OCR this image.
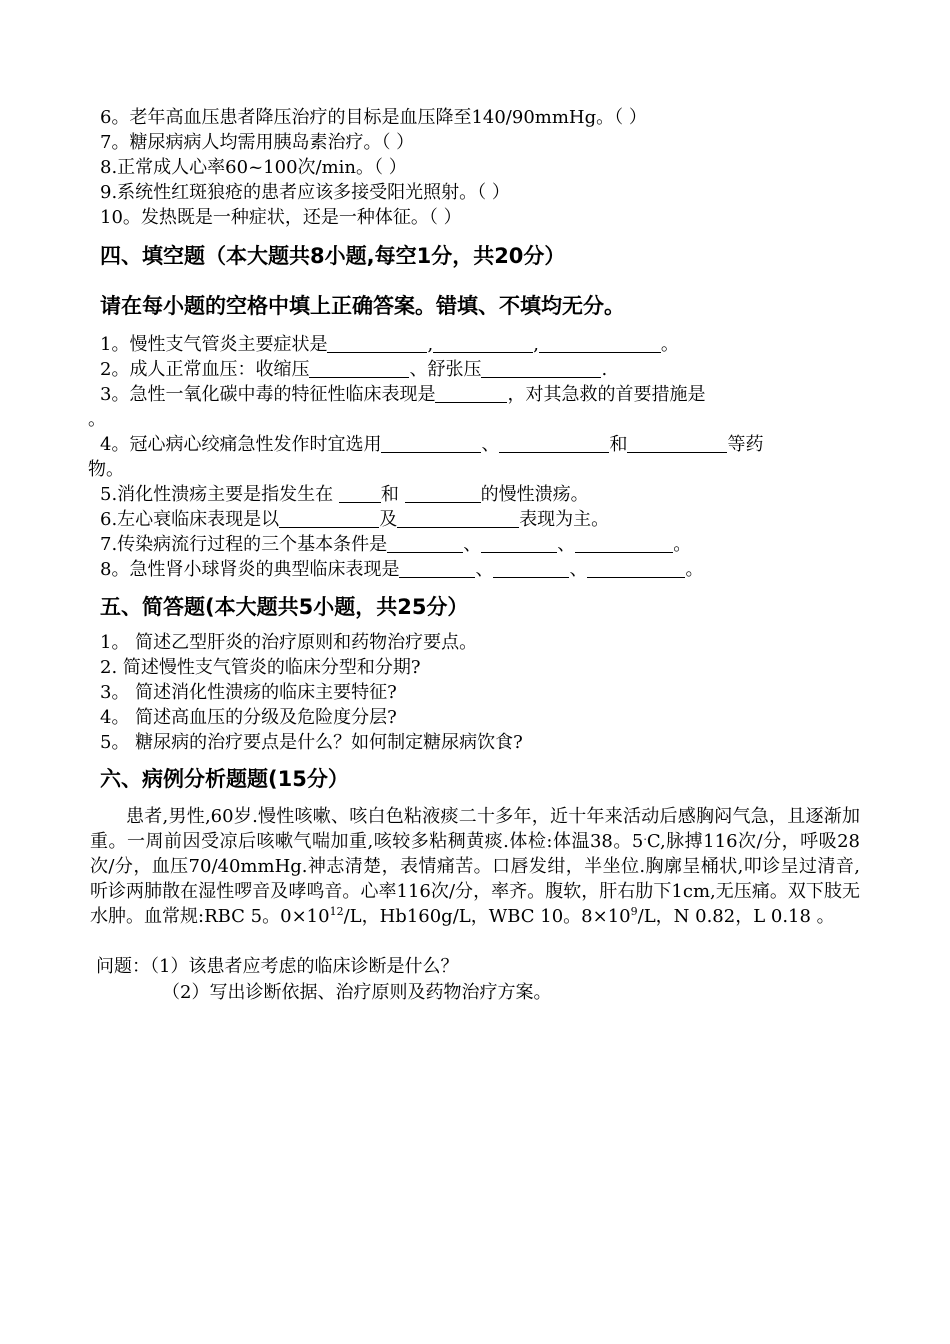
6。老年高血压患者降压治疗的目标是血压降至140/90mmHg。（ ）
7。糖尿病病人均需用胰岛素治疗。（ ）
8.正常成人心率60~100次/min。（ ）
9.系统性红斑狼疮的患者应该多接受阳光照射。（ ）
10。发热既是一种症状，还是一种体征。（ ）
四、填空题（本大题共8小题,每空1分，共20分）
请在每小题的空格中填上正确答案。错填、不填均无分。
1。慢性支气管炎主要症状是	,	,	。
2。成人正常血压：收缩压	、舒张压	.
3。急性一氧化碳中毒的特征性临床表现是	，对其急救的首要措施是
。
4。冠心病心绞痛急性发作时宜选用	、	和	等药
物。
5.消化性溃疡主要是指发生在 和	的慢性溃疡。
6.左心衰临床表现是以	及	表现为主。
7.传染病流行过程的三个基本条件是	、	、	。
8。急性肾小球肾炎的典型临床表现是	、	、	。
五、简答题(本大题共5小题，共25分）
1。 简述乙型肝炎的治疗原则和药物治疗要点。
2. 简述慢性支气管炎的临床分型和分期?
3。 简述消化性溃疡的临床主要特征?
4。 简述高血压的分级及危险度分层?
5。 糖尿病的治疗要点是什么？如何制定糖尿病饮食?
六、病例分析题题(15分）
患者,男性,60岁.慢性咳嗽、咳白色粘液痰二十多年，近十年来活动后感胸闷气急，且逐渐加重。一周前因受凉后咳嗽气喘加重,咳较多粘稠黄痰.体检:体温38。5.C,脉搏116次/分，呼吸28次/分，血压70/40mmHg.神志清楚，表情痛苦。口唇发绀，半坐位.胸廓呈桶状,叩诊呈过清音,听诊两肺散在湿性啰音及哮鸣音。心率116次/分，率齐。腹软，肝右肋下1cm,无压痛。双下肢无水肿。血常规:RBC 5。$0\times 10^{12}/L$，Hb160g/L，WBC 10。$8\times 10^9/L$，N 0.82，L 0.18 。
问题：（1）该患者应考虑的临床诊断是什么？
（2）写出诊断依据、治疗原则及药物治疗方案。
